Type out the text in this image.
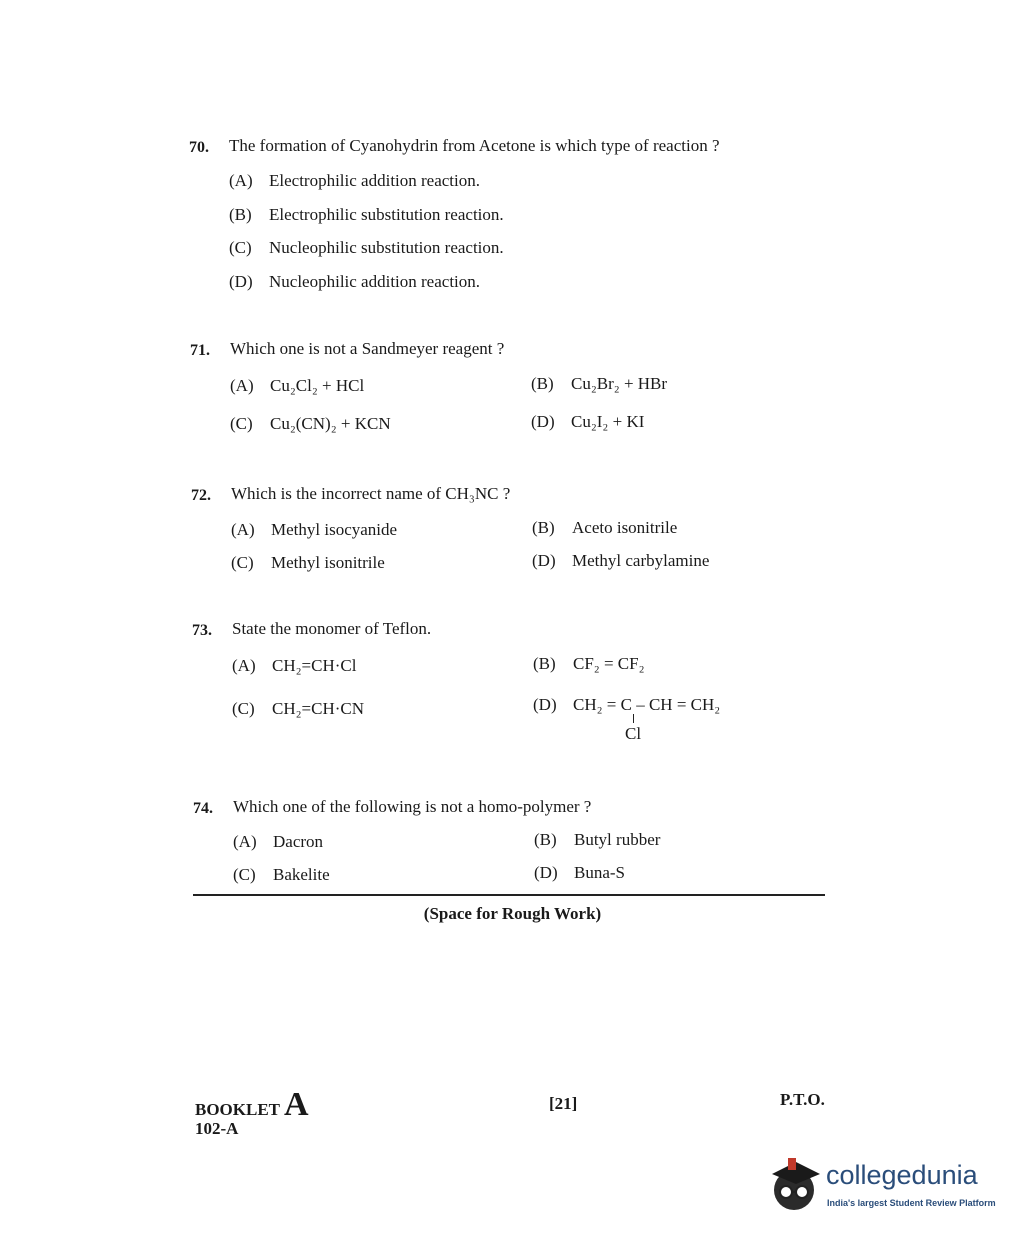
70. The formation of Cyanohydrin from Acetone is which type of reaction ?
(A) Electrophilic addition reaction.
(B) Electrophilic substitution reaction.
(C) Nucleophilic substitution reaction.
(D) Nucleophilic addition reaction.
71. Which one is not a Sandmeyer reagent ?
(A) Cu₂Cl₂ + HCl	(B) Cu₂Br₂ + HBr
(C) Cu₂(CN)₂ + KCN	(D) Cu₂I₂ + KI
72. Which is the incorrect name of CH₃NC ?
(A) Methyl isocyanide	(B) Aceto isonitrile
(C) Methyl isonitrile	(D) Methyl carbylamine
73. State the monomer of Teflon.
(A) CH₂=CH·Cl	(B) CF₂ = CF₂
(C) CH₂=CH·CN	(D) CH₂ = C – CH = CH₂
Cl
74. Which one of the following is not a homo-polymer ?
(A) Dacron	(B) Butyl rubber
(C) Bakelite	(D) Buna-S
(Space for Rough Work)
BOOKLET A
102-A
[21]	P.T.O.
collegedunia
India's largest Student Review Platform
